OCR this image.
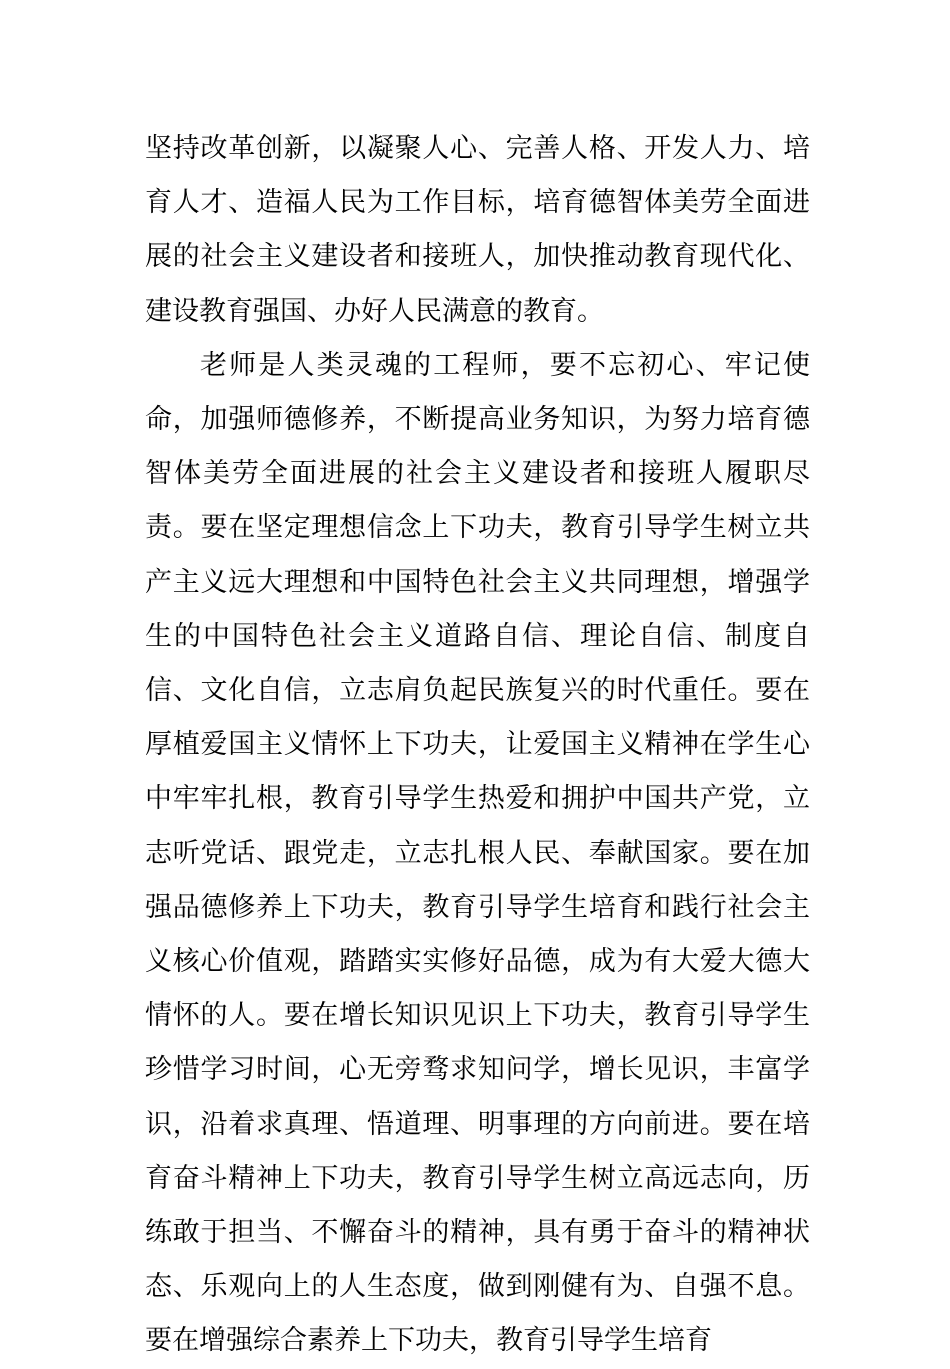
坚持改革创新，以凝聚人心、完善人格、开发人力、培育人才、造福人民为工作目标，培育德智体美劳全面进展的社会主义建设者和接班人，加快推动教育现代化、建设教育强国、办好人民满意的教育。

老师是人类灵魂的工程师，要不忘初心、牢记使命，加强师德修养，不断提高业务知识，为努力培育德智体美劳全面进展的社会主义建设者和接班人履职尽责。要在坚定理想信念上下功夫，教育引导学生树立共产主义远大理想和中国特色社会主义共同理想，增强学生的中国特色社会主义道路自信、理论自信、制度自信、文化自信，立志肩负起民族复兴的时代重任。要在厚植爱国主义情怀上下功夫，让爱国主义精神在学生心中牢牢扎根，教育引导学生热爱和拥护中国共产党，立志听党话、跟党走，立志扎根人民、奉献国家。要在加强品德修养上下功夫，教育引导学生培育和践行社会主义核心价值观，踏踏实实修好品德，成为有大爱大德大情怀的人。要在增长知识见识上下功夫，教育引导学生珍惜学习时间，心无旁骛求知问学，增长见识，丰富学识，沿着求真理、悟道理、明事理的方向前进。要在培育奋斗精神上下功夫，教育引导学生树立高远志向，历练敢于担当、不懈奋斗的精神，具有勇于奋斗的精神状态、乐观向上的人生态度，做到刚健有为、自强不息。要在增强综合素养上下功夫，教育引导学生培育
